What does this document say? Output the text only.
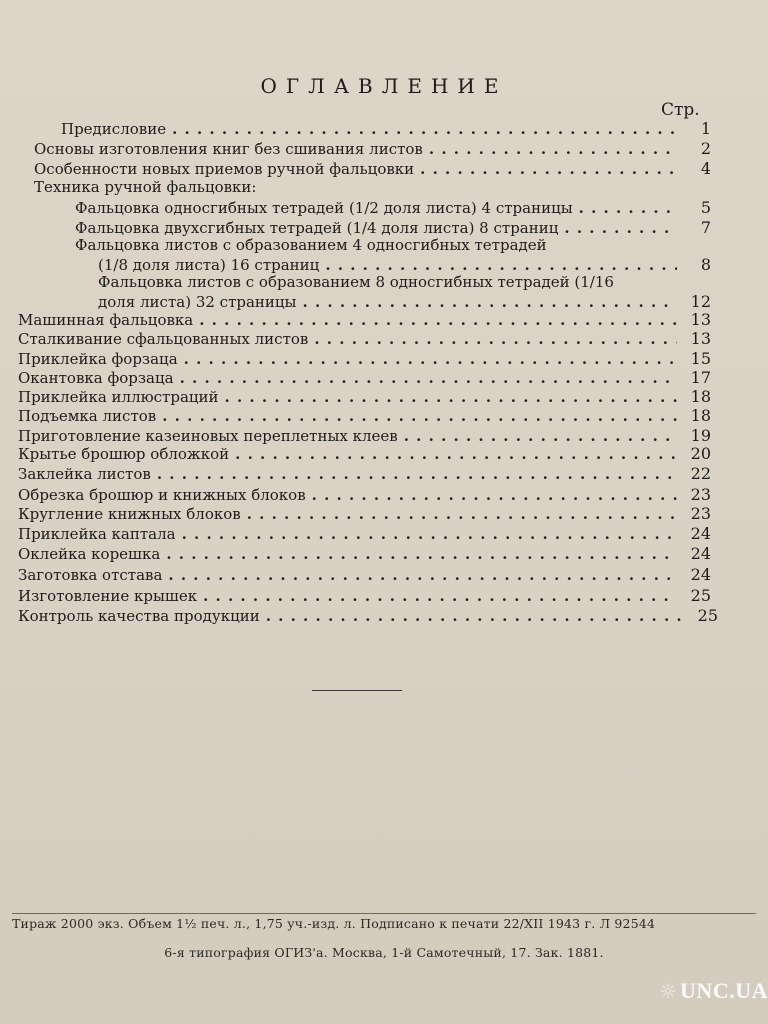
ОГЛАВЛЕНИЕ
Стр.
Предисловие . . .	1
Основы изготовления книг без сшивания листов . . .	2
Особенности новых приемов ручной фальцовки . . .	4
Техника ручной фальцовки:
Фальцовка односгибных тетрадей (1/2 доля листа) 4 страницы . . .	5
Фальцовка двухсгибных тетрадей (1/4 доля листа) 8 страниц . . .	7
Фальцовка листов с образованием 4 односгибных тетрадей
(1/8 доля листа) 16 страниц . . .	8
Фальцовка листов с образованием 8 односгибных тетрадей (1/16
доля листа) 32 страницы . . .	12
Машинная фальцовка . . .	13
Сталкивание сфальцованных листов . . .	13
Приклейка форзаца . . .	15
Окантовка форзаца . . .	17
Приклейка иллюстраций . . .	18
Подъемка листов . . .	18
Приготовление казеиновых переплетных клеев . . .	19
Крытье брошюр обложкой . . .	20
Заклейка листов . . .	22
Обрезка брошюр и книжных блоков . . .	23
Кругление книжных блоков . . .	23
Приклейка каптала . . .	24
Оклейка корешка . . .	24
Заготовка отстава . . .	24
Изготовление крышек . . .	25
Контроль качества продукции . . .	25
Тираж 2000 экз. Объем 1½ печ. л., 1,75 уч.-изд. л. Подписано к печати 22/XII 1943 г. Л 92544
6-я типография ОГИЗ'а. Москва, 1-й Самотечный, 17. Зак. 1881.
UNC.UA
